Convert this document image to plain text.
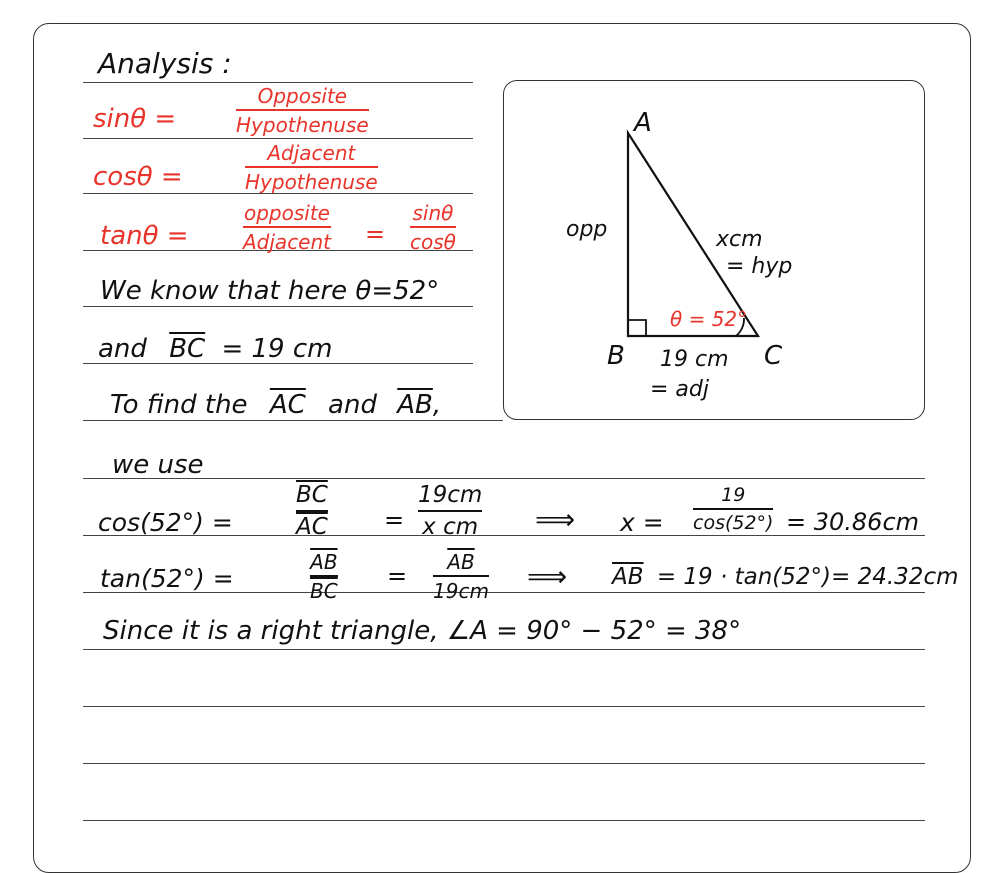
Analysis :
sinθ =
Opposite
Hypothenuse
cosθ =
Adjacent
Hypothenuse
tanθ =
opposite
Adjacent =
sinθ
cosθ
We know that here θ=52°
and $\overline{BC} = 19$ cm
To find the $\overline{AC}$ and $\overline{AB}$,
we use
cos(52°) =	$\frac{\overline{BC}}{AC}$ =
19cm
x cm ⟹ x =
19
cos(52°) = 30.86cm
tan(52°) =	$\frac{\overline{AB}}{BC} = \overline{AB}$
19cm ⟹ $\overline{AB} = 19 \cdot \tan(52^\circ)= 24.32cm$
Since it is a right triangle, ∠A = 90° − 52° = 38°
A
B	C
opp	xcm
= hyp
θ = 52°
19 cm
= adj
